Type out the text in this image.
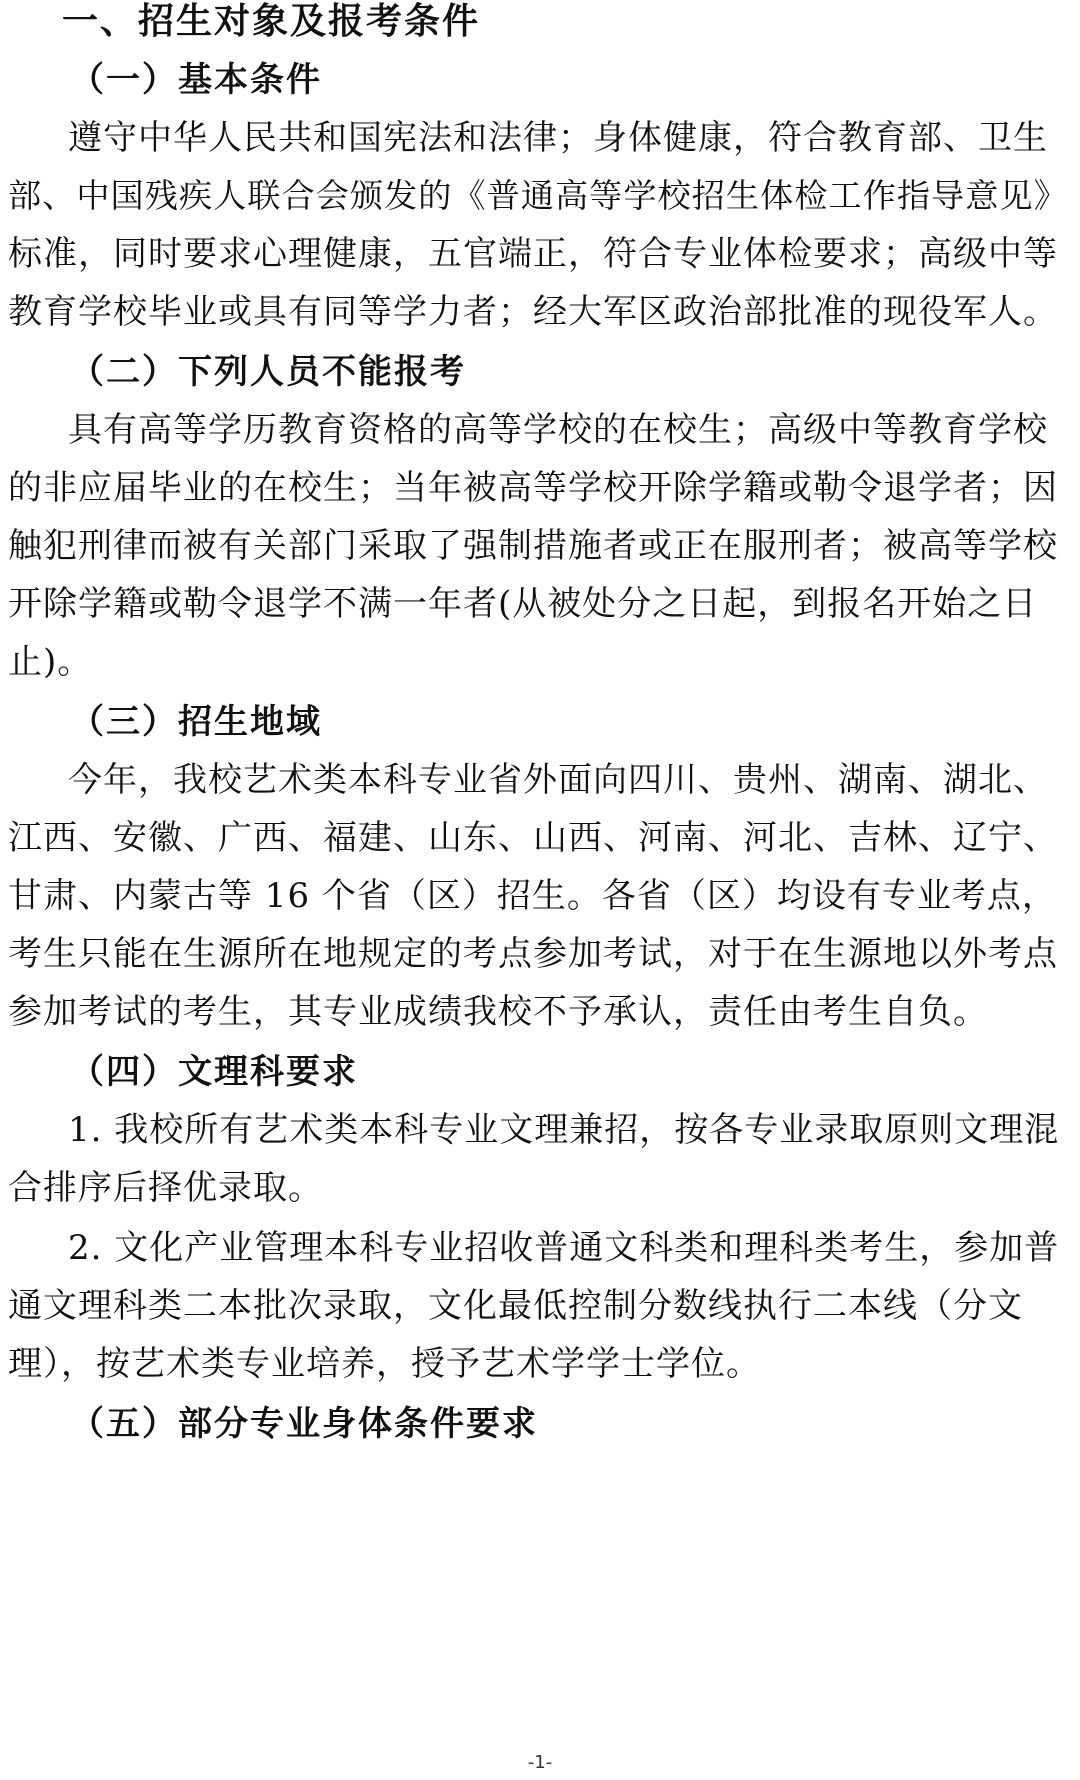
一、招生对象及报考条件
（一）基本条件
遵守中华人民共和国宪法和法律；身体健康，符合教育部、卫生
部、中国残疾人联合会颁发的《普通高等学校招生体检工作指导意见》
标准，同时要求心理健康，五官端正，符合专业体检要求；高级中等
教育学校毕业或具有同等学力者；经大军区政治部批准的现役军人。
（二）下列人员不能报考
具有高等学历教育资格的高等学校的在校生；高级中等教育学校
的非应届毕业的在校生；当年被高等学校开除学籍或勒令退学者；因
触犯刑律而被有关部门采取了强制措施者或正在服刑者；被高等学校
开除学籍或勒令退学不满一年者(从被处分之日起，到报名开始之日
止)。
（三）招生地域
今年，我校艺术类本科专业省外面向四川、贵州、湖南、湖北、
江西、安徽、广西、福建、山东、山西、河南、河北、吉林、辽宁、
甘肃、内蒙古等 16 个省（区）招生。各省（区）均设有专业考点，
考生只能在生源所在地规定的考点参加考试，对于在生源地以外考点
参加考试的考生，其专业成绩我校不予承认，责任由考生自负。
（四）文理科要求
1. 我校所有艺术类本科专业文理兼招，按各专业录取原则文理混
合排序后择优录取。
2. 文化产业管理本科专业招收普通文科类和理科类考生，参加普
通文理科类二本批次录取，文化最低控制分数线执行二本线（分文
理），按艺术类专业培养，授予艺术学学士学位。
（五）部分专业身体条件要求
-1-
